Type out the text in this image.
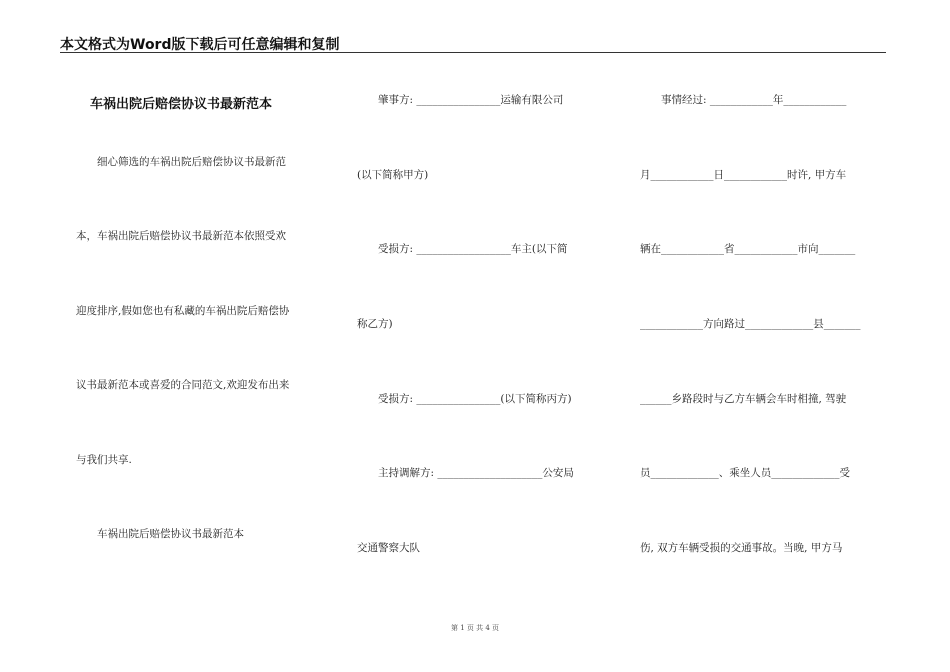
本文格式为Word版下载后可任意编辑和复制
车祸出院后赔偿协议书最新范本
　　细心筛选的车祸出院后赔偿协议书最新范
本，车祸出院后赔偿协议书最新范本依照受欢
迎度排序,假如您也有私藏的车祸出院后赔偿协
议书最新范本或喜爱的合同范文,欢迎发布出来
与我们共享.
　　车祸出院后赔偿协议书最新范本
　　肇事方: ________________运输有限公司
(以下简称甲方)
　　受损方: __________________车主(以下简
称乙方)
　　受损方: ________________(以下简称丙方)
　　主持调解方: ____________________公安局
交通警察大队
　　事情经过: ____________年____________
月____________日____________时许, 甲方车
辆在____________省____________市向_______
____________方向路过_____________县_______
______乡路段时与乙方车辆会车时相撞, 驾驶
员_____________、乘坐人员_____________受
伤, 双方车辆受损的交通事故。当晚, 甲方马
第 1 页 共 4 页
